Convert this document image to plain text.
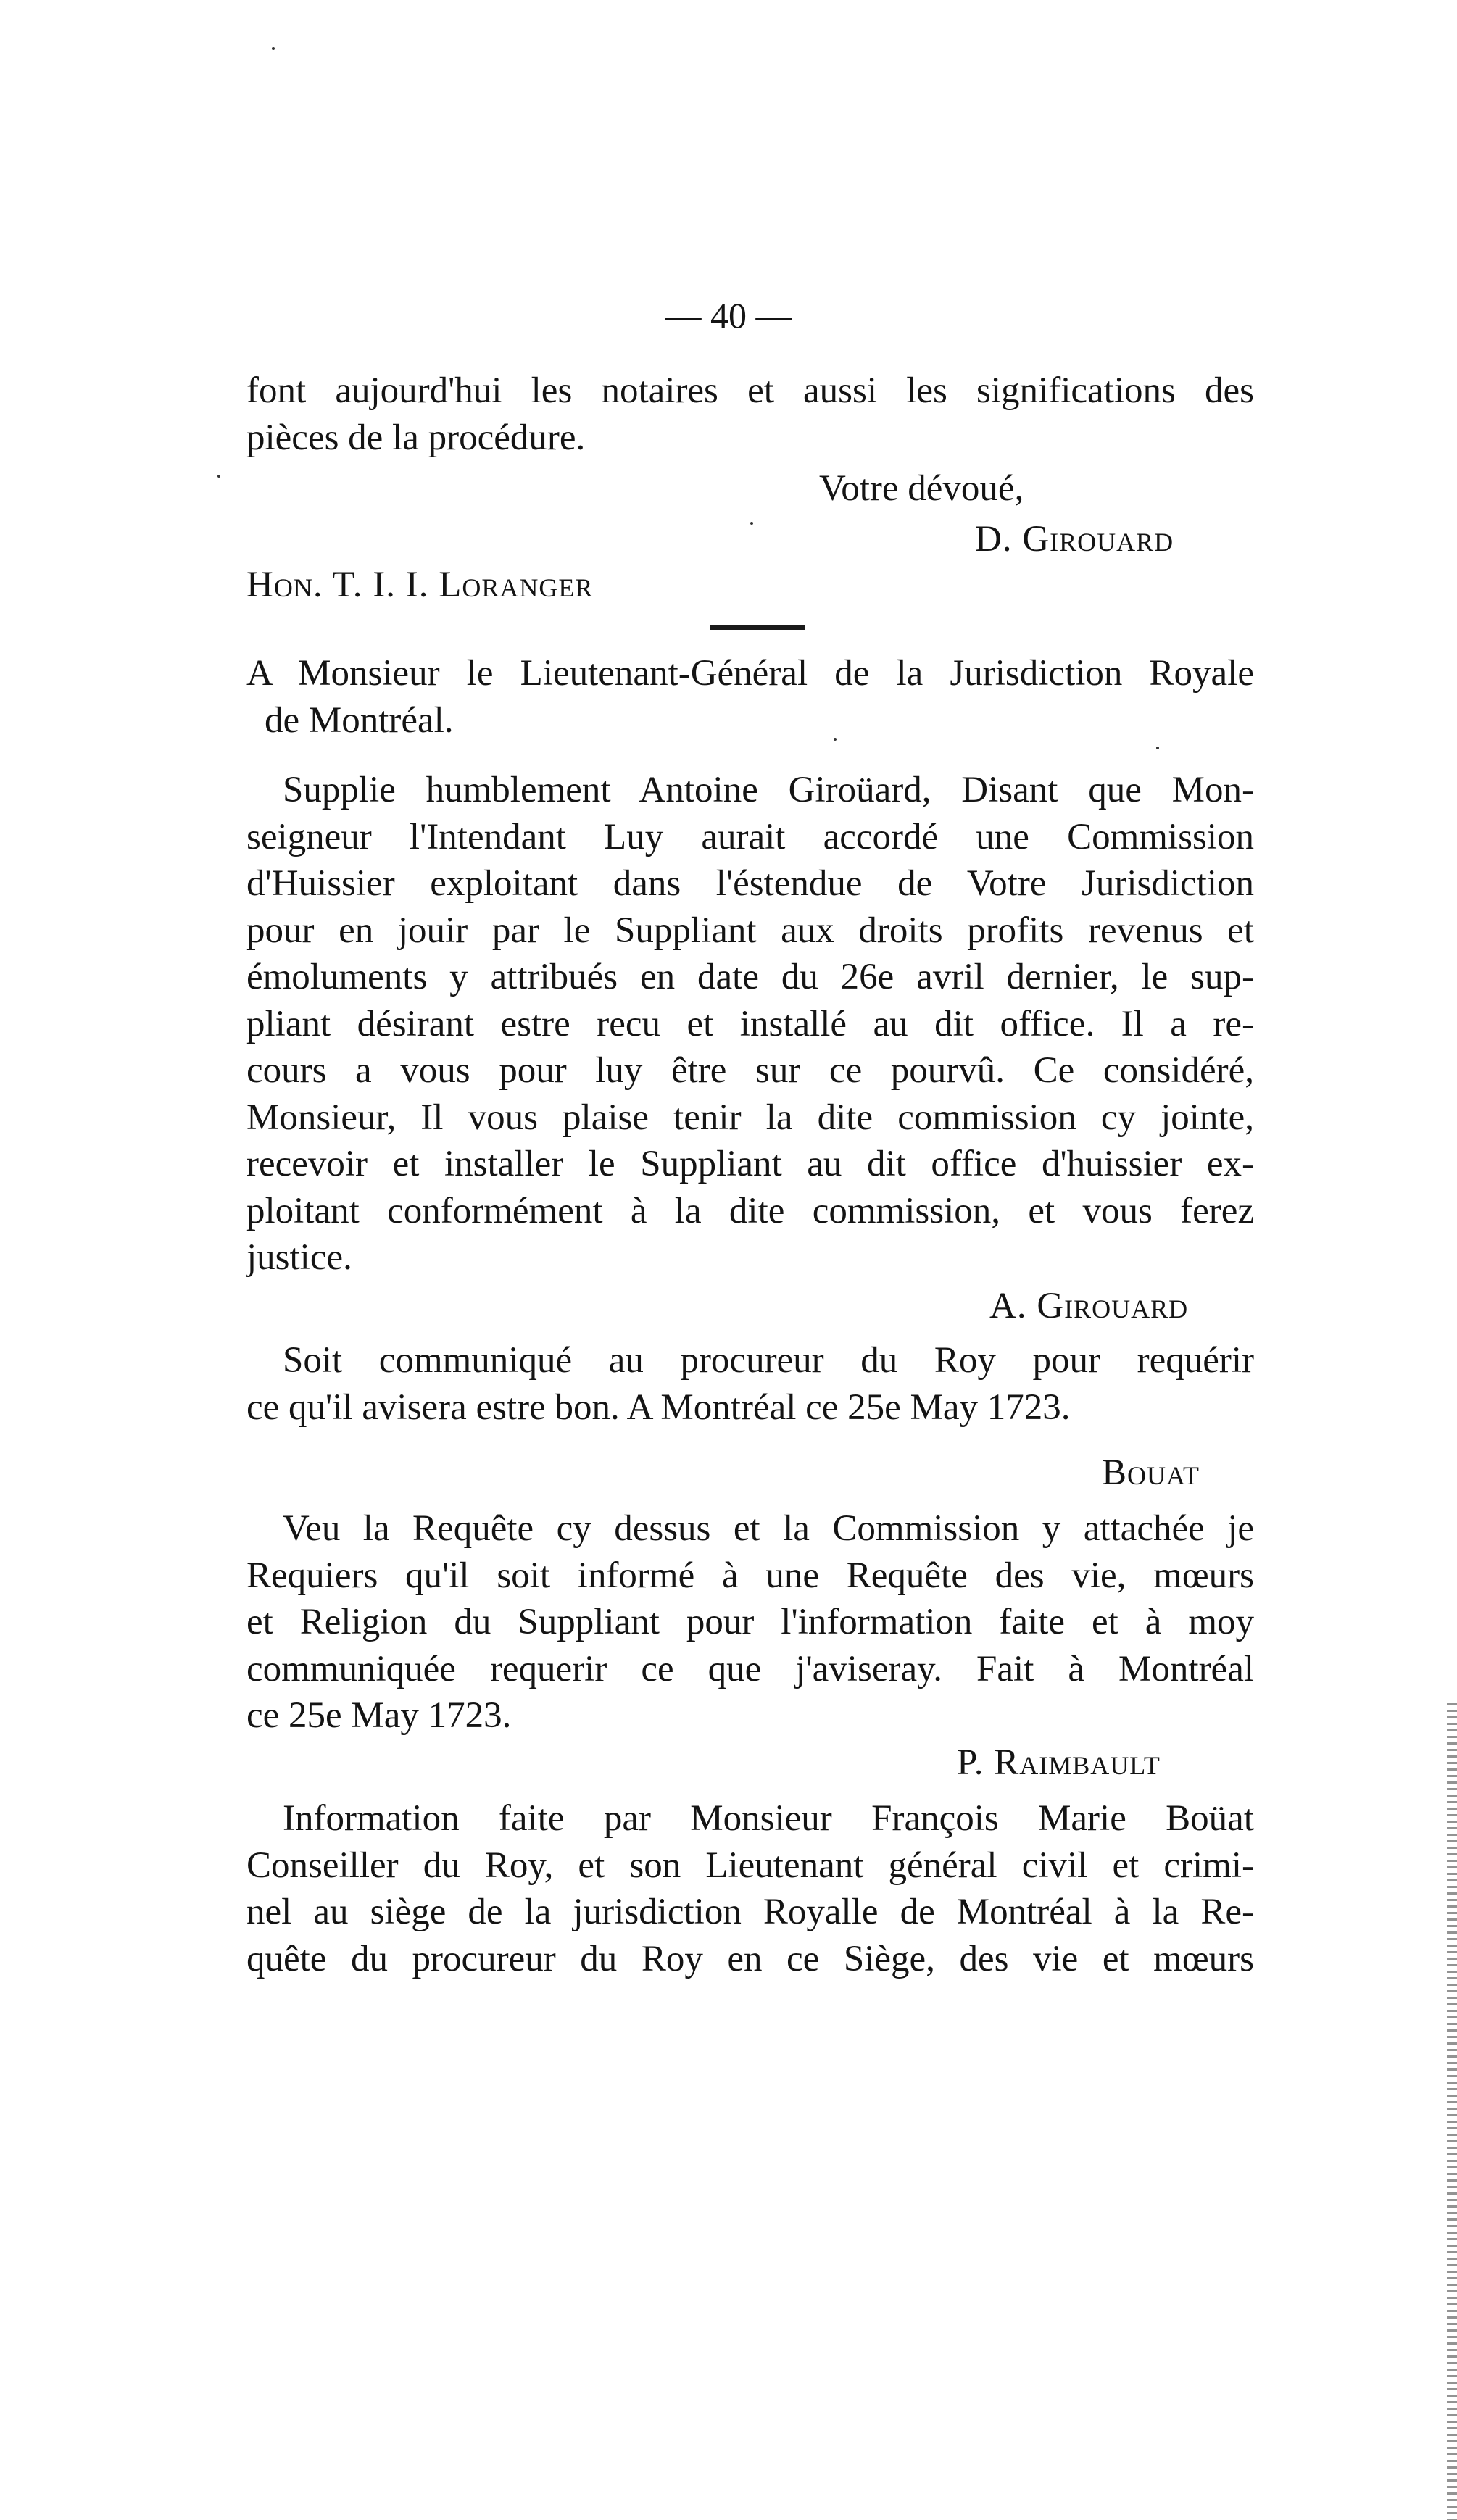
— 40 —
font aujourd'hui les notaires et aussi les significations des
pièces de la procédure.
Votre dévoué,
D. Girouard
Hon. T. I. I. Loranger
A Monsieur le Lieutenant-Général de la Jurisdiction Royale
de Montréal.
Supplie humblement Antoine Giroüard, Disant que Mon-
seigneur l'Intendant Luy aurait accordé une Commission
d'Huissier exploitant dans l'éstendue de Votre Jurisdiction
pour en jouir par le Suppliant aux droits profits revenus et
émoluments y attribués en date du 26e avril dernier, le sup-
pliant désirant estre recu et installé au dit office. Il a re-
cours a vous pour luy être sur ce pourvû. Ce considéré,
Monsieur, Il vous plaise tenir la dite commission cy jointe,
recevoir et installer le Suppliant au dit office d'huissier ex-
ploitant conformément à la dite commission, et vous ferez
justice.
A. Girouard
Soit communiqué au procureur du Roy pour requérir
ce qu'il avisera estre bon. A Montréal ce 25e May 1723.
Bouat
Veu la Requête cy dessus et la Commission y attachée je
Requiers qu'il soit informé à une Requête des vie, mœurs
et Religion du Suppliant pour l'information faite et à moy
communiquée requerir ce que j'aviseray. Fait à Montréal
ce 25e May 1723.
P. Raimbault
Information faite par Monsieur François Marie Boüat
Conseiller du Roy, et son Lieutenant général civil et crimi-
nel au siège de la jurisdiction Royalle de Montréal à la Re-
quête du procureur du Roy en ce Siège, des vie et mœurs
